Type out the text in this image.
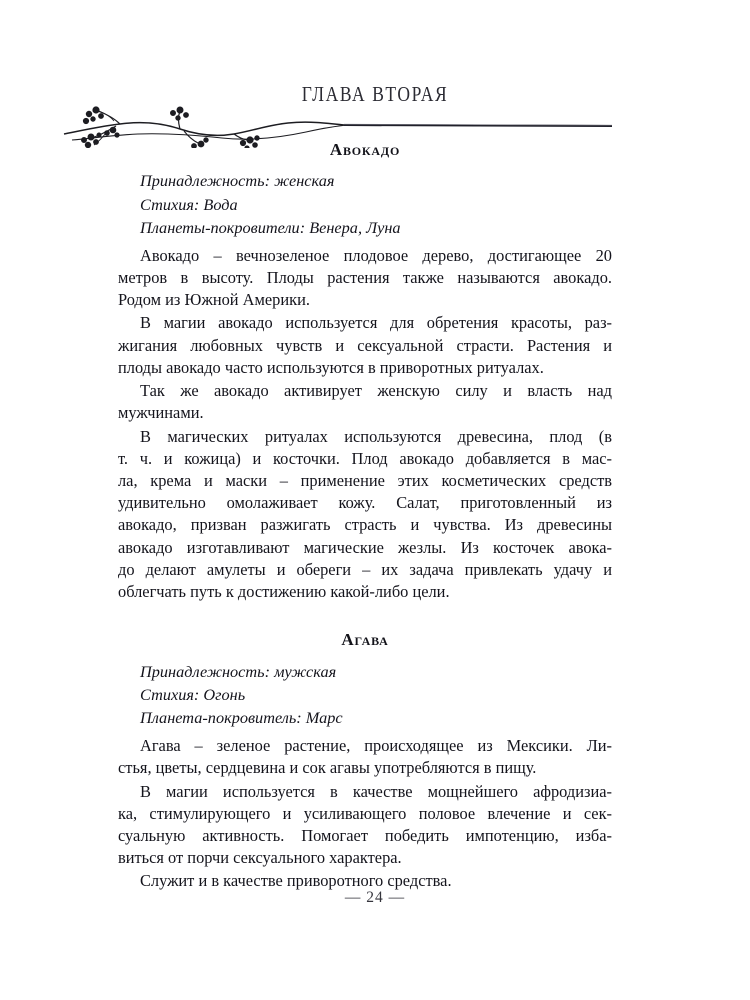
ГЛАВА ВТОРАЯ
Авокадо

Принадлежность: женская

Стихия: Вода

Планеты-покровители: Венера, Луна

Авокадо – вечнозеленое плодовое дерево, достигающее 20
метров в высоту. Плоды растения также называются авокадо.
Родом из Южной Америки.

В магии авокадо используется для обретения красоты, раз-
жигания любовных чувств и сексуальной страсти. Растения и
плоды авокадо часто используются в приворотных ритуалах.

Так же авокадо активирует женскую силу и власть над
мужчинами.

В магических ритуалах используются древесина, плод (в
т. ч. и кожица) и косточки. Плод авокадо добавляется в мас-
ла, крема и маски – применение этих косметических средств
удивительно омолаживает кожу. Салат, приготовленный из
авокадо, призван разжигать страсть и чувства. Из древесины
авокадо изготавливают магические жезлы. Из косточек авока-
до делают амулеты и обереги – их задача привлекать удачу и
облегчать путь к достижению какой-либо цели.

Агава

Принадлежность: мужская

Стихия: Огонь

Планета-покровитель: Марс

Агава – зеленое растение, происходящее из Мексики. Ли-
стья, цветы, сердцевина и сок агавы употребляются в пищу.

В магии используется в качестве мощнейшего афродизиа-
ка, стимулирующего и усиливающего половое влечение и сек-
суальную активность. Помогает победить импотенцию, изба-
виться от порчи сексуального характера.

Служит и в качестве приворотного средства.

— 24 —
